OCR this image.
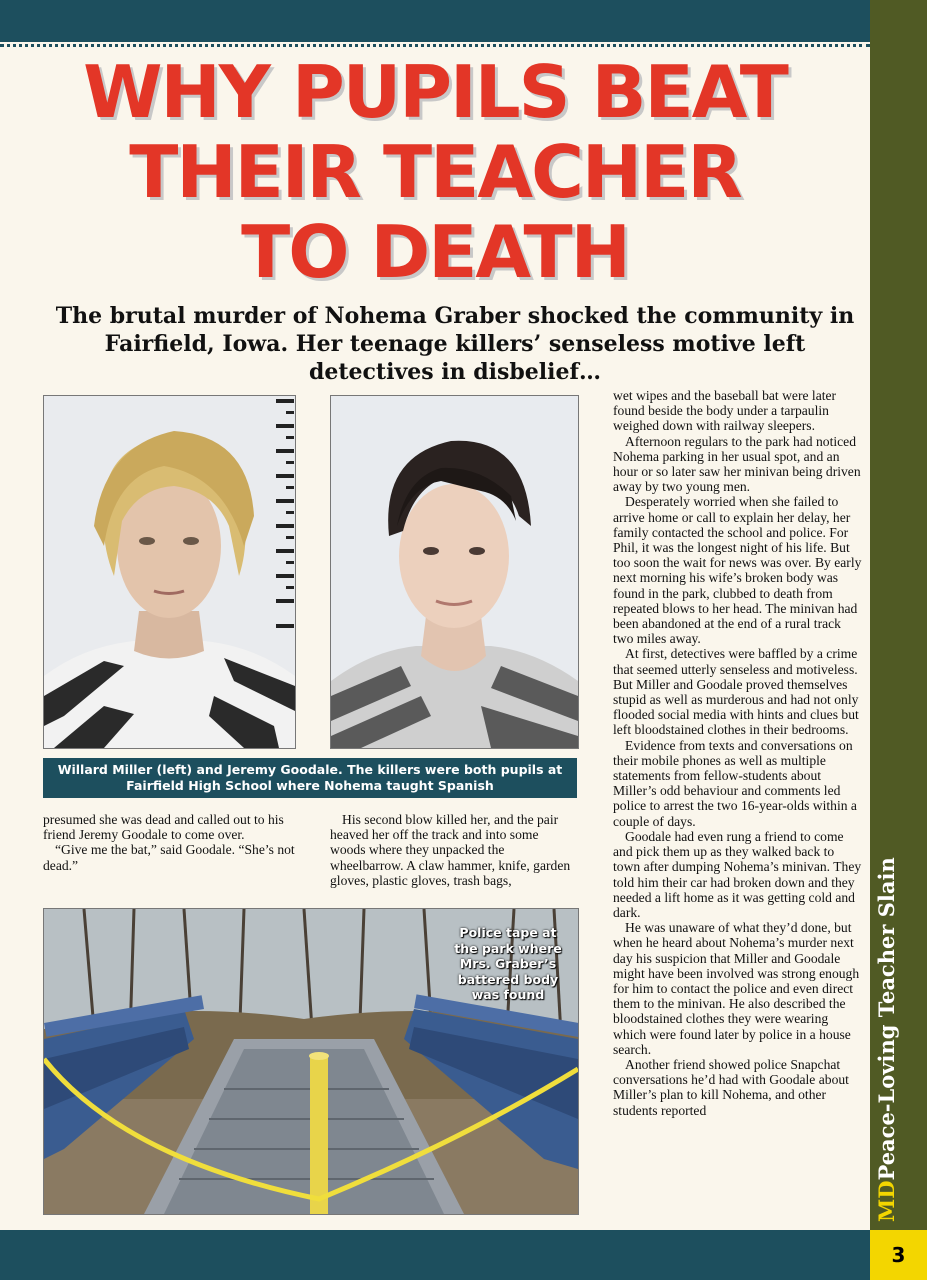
MDPeace-Loving Teacher Slain
3
WHY PUPILS BEAT
THEIR TEACHER
TO DEATH
The brutal murder of Nohema Graber shocked the community in Fairfield, Iowa. Her teenage killers’ senseless motive left detectives in disbelief…
Willard Miller (left) and Jeremy Goodale. The killers were both pupils at Fairfield High School where Nohema taught Spanish

presumed she was dead and called out to his friend Jeremy Goodale to come over.

“Give me the bat,” said Goodale. “She’s not dead.”

His second blow killed her, and the pair heaved her off the track and into some woods where they unpacked the wheelbarrow. A claw hammer, knife, garden gloves, plastic gloves, trash bags,

Police tape at the park where Mrs. Graber’s battered body was found

wet wipes and the baseball bat were later found beside the body under a tarpaulin weighed down with railway sleepers.

Afternoon regulars to the park had noticed Nohema parking in her usual spot, and an hour or so later saw her minivan being driven away by two young men.

Desperately worried when she failed to arrive home or call to explain her delay, her family contacted the school and police. For Phil, it was the longest night of his life. But too soon the wait for news was over. By early next morning his wife’s broken body was found in the park, clubbed to death from repeated blows to her head. The minivan had been abandoned at the end of a rural track two miles away.

At first, detectives were baffled by a crime that seemed utterly senseless and motiveless. But Miller and Goodale proved themselves stupid as well as murderous and had not only flooded social media with hints and clues but left bloodstained clothes in their bedrooms.

Evidence from texts and conversations on their mobile phones as well as multiple statements from fellow-students about Miller’s odd behaviour and comments led police to arrest the two 16-year-olds within a couple of days.

Goodale had even rung a friend to come and pick them up as they walked back to town after dumping Nohema’s minivan. They told him their car had broken down and they needed a lift home as it was getting cold and dark.

He was unaware of what they’d done, but when he heard about Nohema’s murder next day his suspicion that Miller and Goodale might have been involved was strong enough for him to contact the police and even direct them to the minivan. He also described the bloodstained clothes they were wearing which were found later by police in a house search.

Another friend showed police Snapchat conversations he’d had with Goodale about Miller’s plan to kill Nohema, and other students reported
